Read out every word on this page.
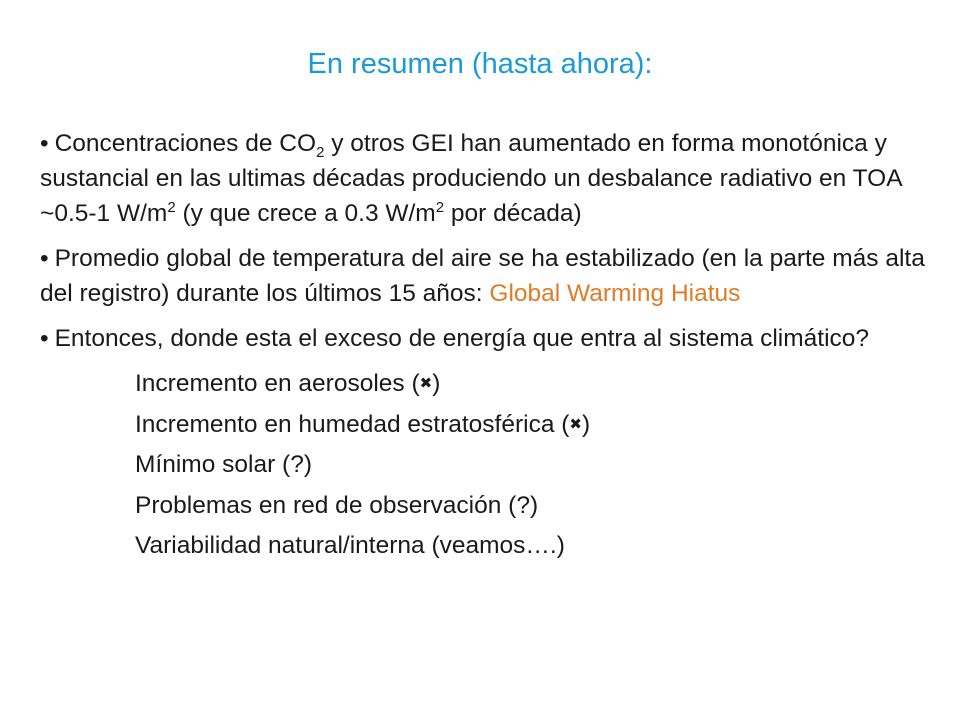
En resumen (hasta ahora):
• Concentraciones de $CO_2$ y otros GEI han aumentado en forma monotónica y sustancial en las ultimas décadas produciendo un desbalance radiativo en TOA ~0.5-1 $W/m^2$ (y que crece a 0.3 $W/m^2$ por década)
• Promedio global de temperatura del aire se ha estabilizado (en la parte más alta del registro) durante los últimos 15 años: Global Warming Hiatus
• Entonces, donde esta el exceso de energía que entra al sistema climático?
Incremento en aerosoles (✖)
Incremento en humedad estratosférica (✖)
Mínimo solar (?)
Problemas en red de observación (?)
Variabilidad natural/interna (veamos….)
